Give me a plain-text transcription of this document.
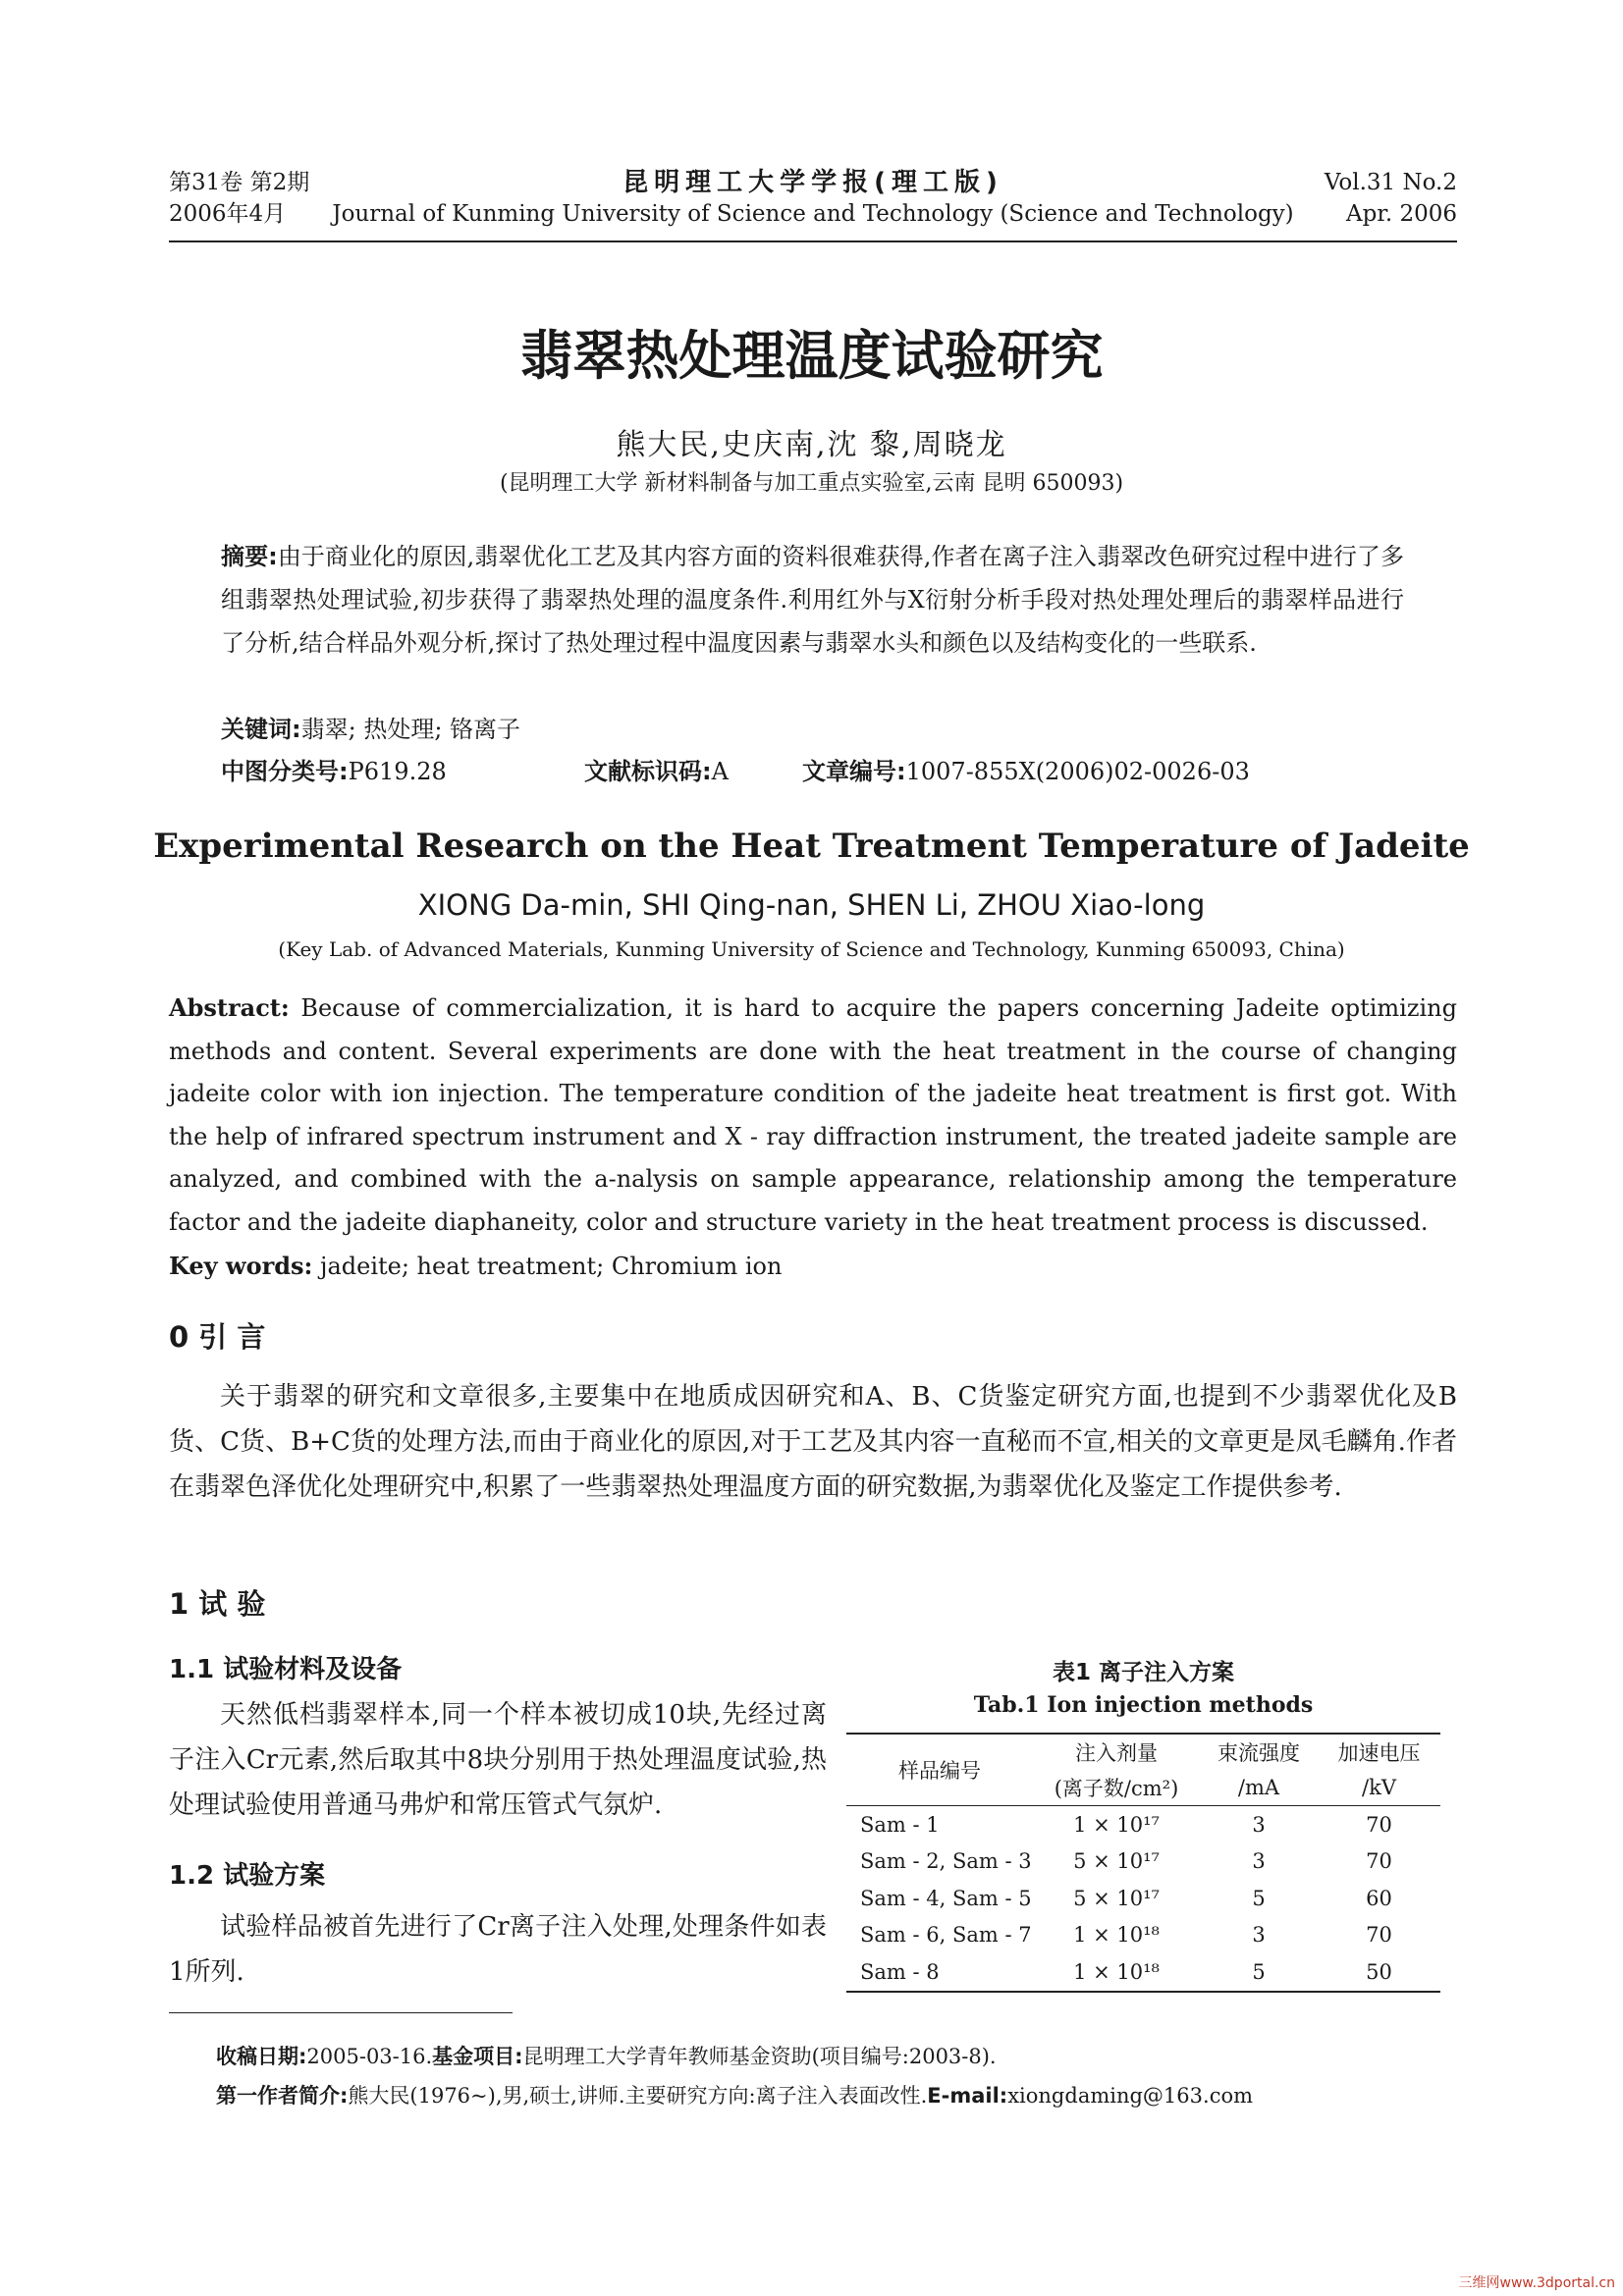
第31卷 第2期
2006年4月
昆明理工大学学报(理工版)
Journal of Kunming University of Science and Technology (Science and Technology)
Vol.31 No.2
Apr. 2006
翡翠热处理温度试验研究
熊大民,史庆南,沈 黎,周晓龙
(昆明理工大学 新材料制备与加工重点实验室,云南 昆明 650093)
摘要:由于商业化的原因,翡翠优化工艺及其内容方面的资料很难获得,作者在离子注入翡翠改色研究过程中进行了多组翡翠热处理试验,初步获得了翡翠热处理的温度条件.利用红外与X衍射分析手段对热处理处理后的翡翠样品进行了分析,结合样品外观分析,探讨了热处理过程中温度因素与翡翠水头和颜色以及结构变化的一些联系.
关键词:翡翠; 热处理; 铬离子
中图分类号:P619.28	文献标识码:A	文章编号:1007-855X(2006)02-0026-03
Experimental Research on the Heat Treatment Temperature of Jadeite
XIONG Da-min, SHI Qing-nan, SHEN Li, ZHOU Xiao-long
(Key Lab. of Advanced Materials, Kunming University of Science and Technology, Kunming 650093, China)
Abstract: Because of commercialization, it is hard to acquire the papers concerning Jadeite optimizing methods and content. Several experiments are done with the heat treatment in the course of changing jadeite color with ion injection. The temperature condition of the jadeite heat treatment is first got. With the help of infrared spectrum instrument and X - ray diffraction instrument, the treated jadeite sample are analyzed, and combined with the a-nalysis on sample appearance, relationship among the temperature factor and the jadeite diaphaneity, color and structure variety in the heat treatment process is discussed.
Key words: jadeite; heat treatment; Chromium ion
0 引 言
关于翡翠的研究和文章很多,主要集中在地质成因研究和A、B、C货鉴定研究方面,也提到不少翡翠优化及B货、C货、B+C货的处理方法,而由于商业化的原因,对于工艺及其内容一直秘而不宣,相关的文章更是凤毛麟角.作者在翡翠色泽优化处理研究中,积累了一些翡翠热处理温度方面的研究数据,为翡翠优化及鉴定工作提供参考.
1 试 验
1.1 试验材料及设备
天然低档翡翠样本,同一个样本被切成10块,先经过离子注入Cr元素,然后取其中8块分别用于热处理温度试验,热处理试验使用普通马弗炉和常压管式气氛炉.
1.2 试验方案
试验样品被首先进行了Cr离子注入处理,处理条件如表1所列.
表1 离子注入方案
Tab.1 Ion injection methods
样品编号	注入剂量	束流强度	加速电压
	(离子数/cm²)	/mA	/kV
Sam - 1	1 × 10¹⁷	3	70
Sam - 2, Sam - 3	5 × 10¹⁷	3	70
Sam - 4, Sam - 5	5 × 10¹⁷	5	60
Sam - 6, Sam - 7	1 × 10¹⁸	3	70
Sam - 8	1 × 10¹⁸	5	50
收稿日期:2005-03-16.基金项目:昆明理工大学青年教师基金资助(项目编号:2003-8).
第一作者简介:熊大民(1976~),男,硕士,讲师.主要研究方向:离子注入表面改性.E-mail:xiongdaming@163.com
三维网www.3dportal.cn
